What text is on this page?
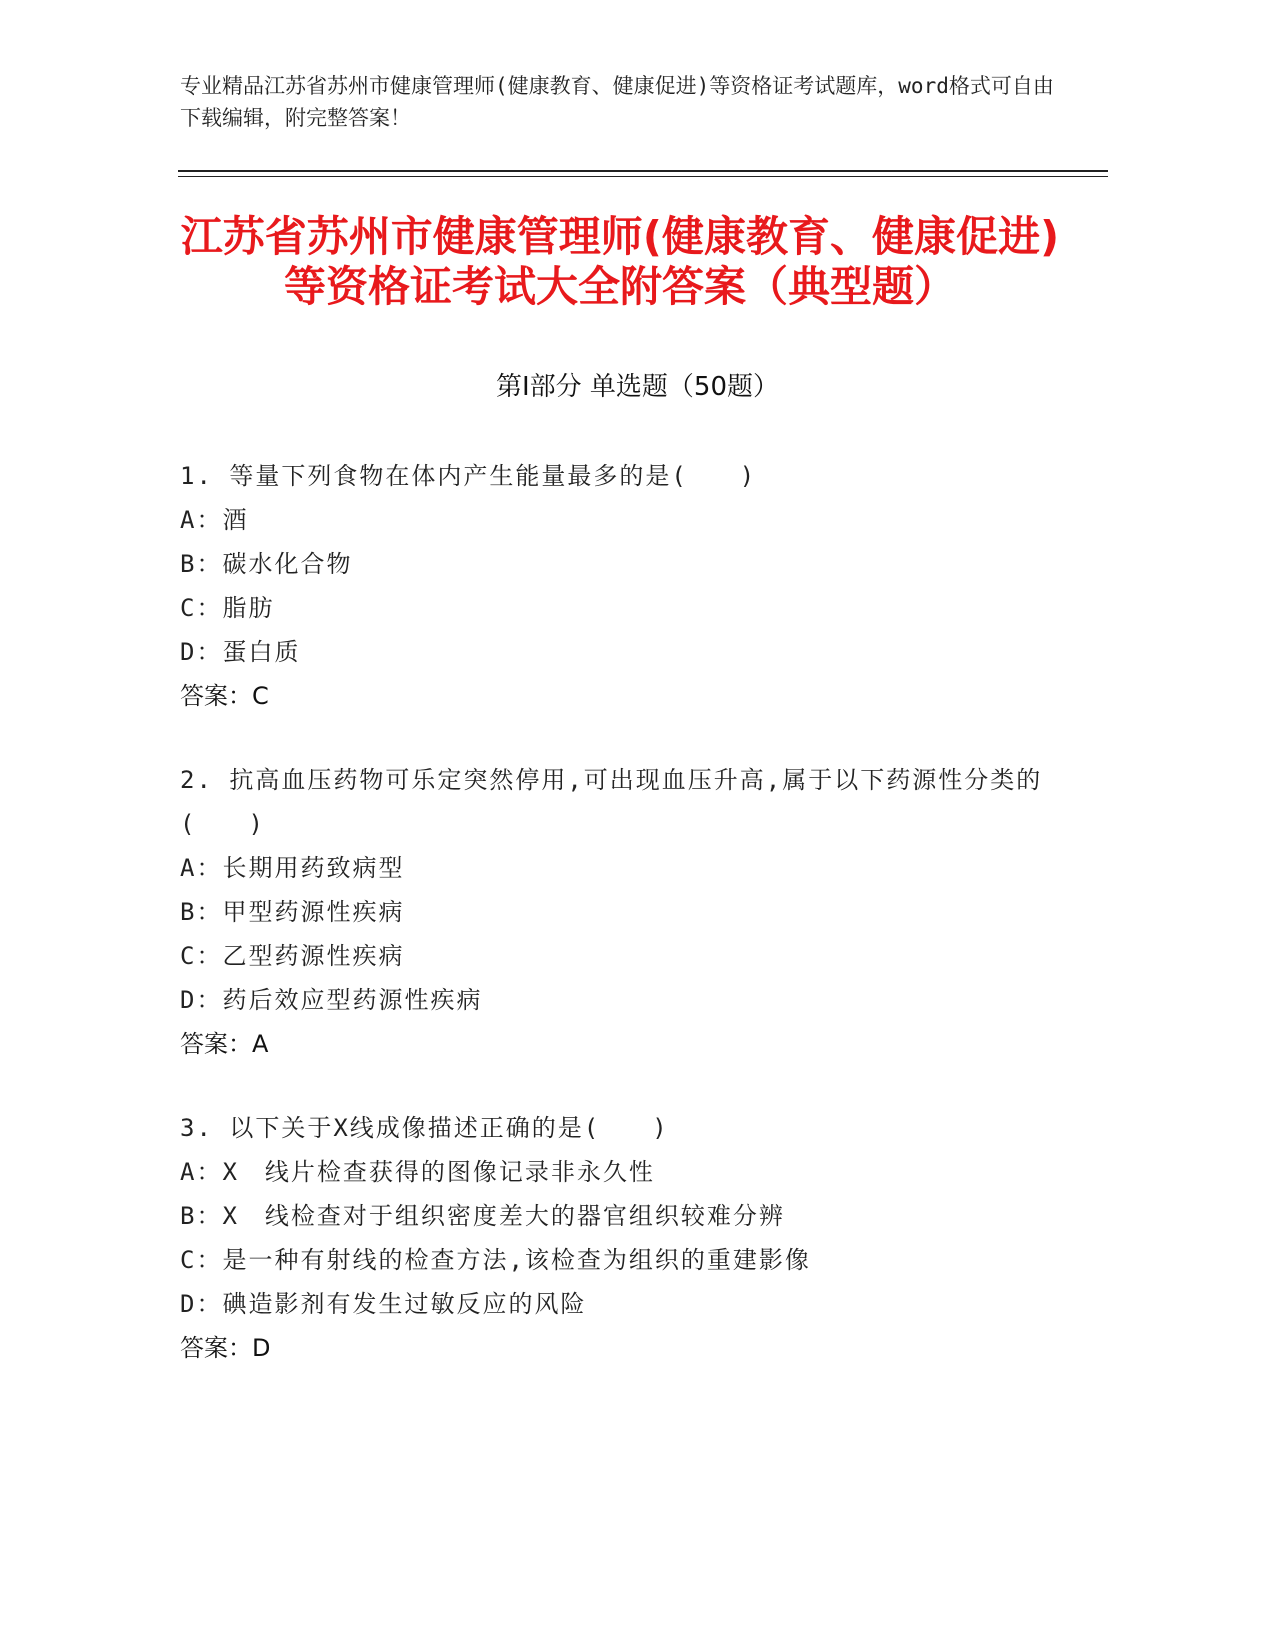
专业精品江苏省苏州市健康管理师(健康教育、健康促进)等资格证考试题库，word格式可自由下载编辑，附完整答案！
江苏省苏州市健康管理师(健康教育、健康促进)等资格证考试大全附答案（典型题）
第Ⅰ部分 单选题（50题）
1. 等量下列食物在体内产生能量最多的是(　　)
A：酒
B：碳水化合物
C：脂肪
D：蛋白质
答案：C
2. 抗高血压药物可乐定突然停用,可出现血压升高,属于以下药源性分类的(　　)
A：长期用药致病型
B：甲型药源性疾病
C：乙型药源性疾病
D：药后效应型药源性疾病
答案：A
3. 以下关于X线成像描述正确的是(　　)
A：X　线片检查获得的图像记录非永久性
B：X　线检查对于组织密度差大的器官组织较难分辨
C：是一种有射线的检查方法,该检查为组织的重建影像
D：碘造影剂有发生过敏反应的风险
答案：D
